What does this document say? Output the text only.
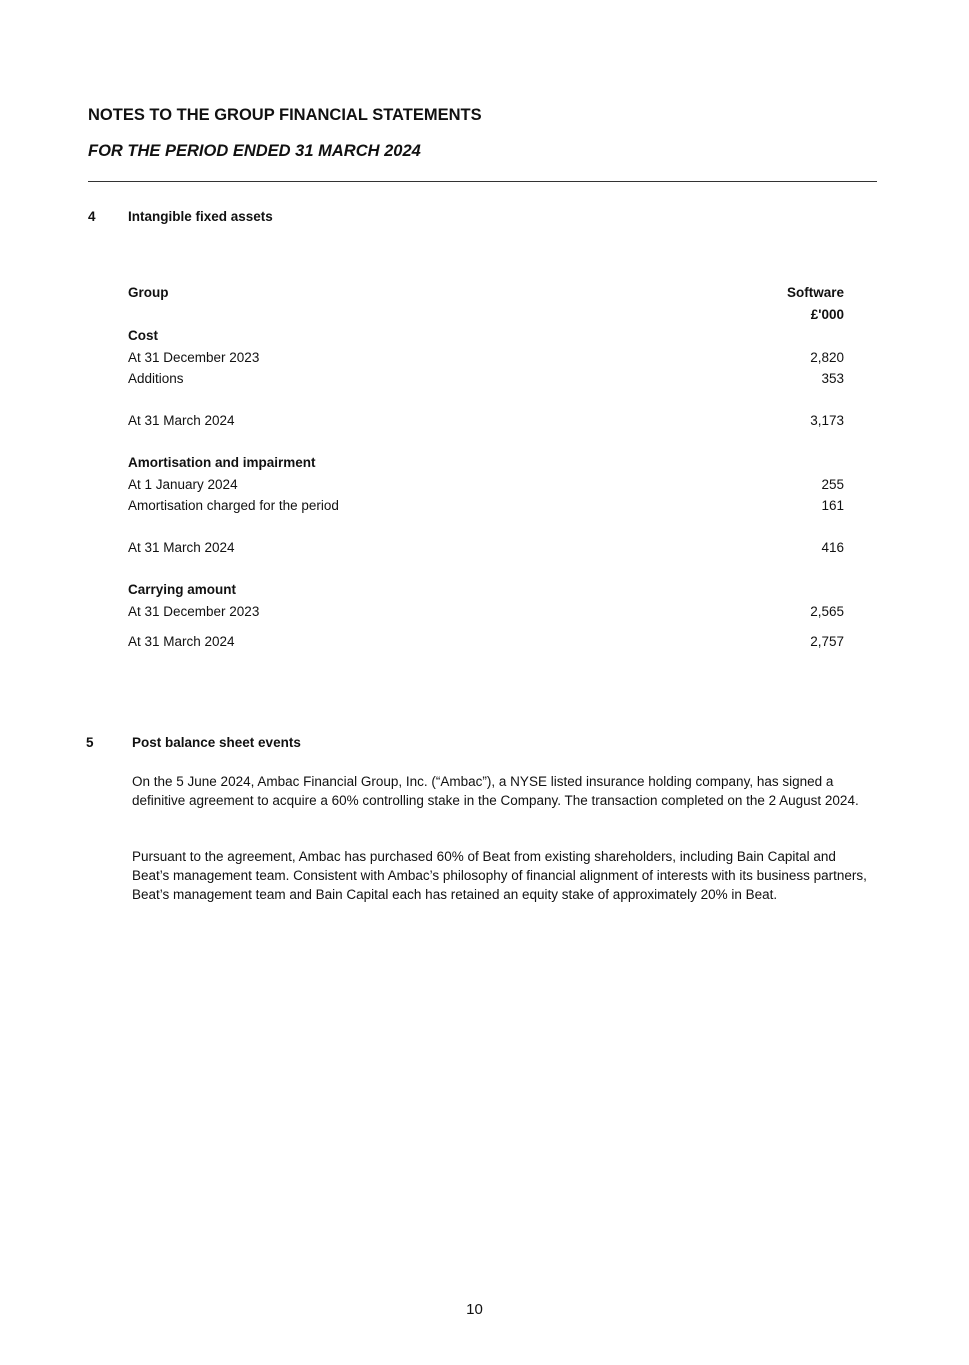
NOTES TO THE GROUP FINANCIAL STATEMENTS
FOR THE PERIOD ENDED 31 MARCH 2024
4 Intangible fixed assets
Group	Software
£'000
Cost
At 31 December 2023	2,820
Additions	353
At 31 March 2024	3,173
Amortisation and impairment
At 1 January 2024	255
Amortisation charged for the period	161
At 31 March 2024	416
Carrying amount
At 31 December 2023	2,565
At 31 March 2024	2,757
5	Post balance sheet events
On the 5 June 2024, Ambac Financial Group, Inc. (“Ambac”), a NYSE listed insurance holding company, has signed a definitive agreement to acquire a 60% controlling stake in the Company. The transaction completed on the 2 August 2024.
Pursuant to the agreement, Ambac has purchased 60% of Beat from existing shareholders, including Bain Capital and Beat’s management team. Consistent with Ambac’s philosophy of financial alignment of interests with its business partners, Beat’s management team and Bain Capital each has retained an equity stake of approximately 20% in Beat.
10
